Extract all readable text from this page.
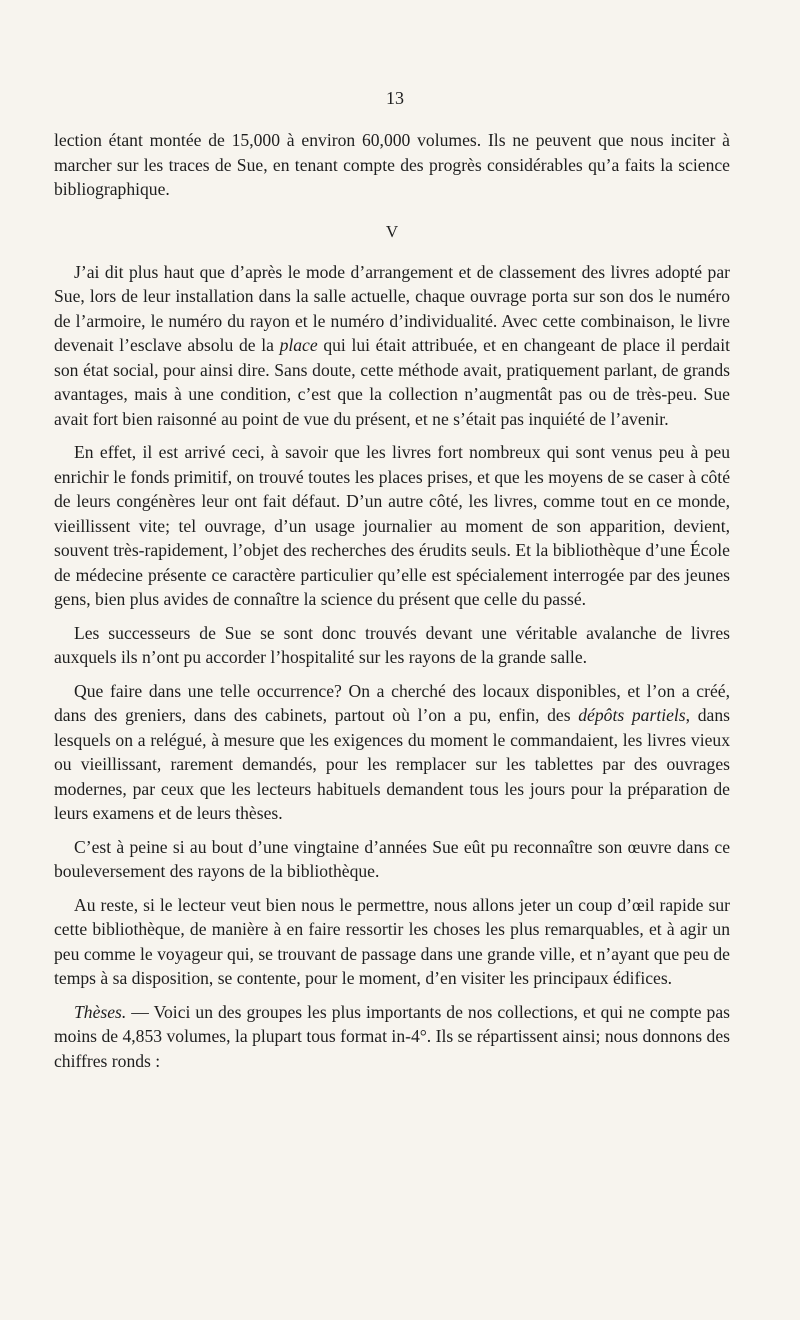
13

lection étant montée de 15,000 à environ 60,000 volumes. Ils ne peuvent que nous inciter à marcher sur les traces de Sue, en tenant compte des progrès considérables qu’a faits la science bibliographique.

V

J’ai dit plus haut que d’après le mode d’arrangement et de classement des livres adopté par Sue, lors de leur installation dans la salle actuelle, chaque ouvrage porta sur son dos le numéro de l’armoire, le numéro du rayon et le numéro d’individualité. Avec cette combinaison, le livre devenait l’esclave absolu de la place qui lui était attribuée, et en changeant de place il perdait son état social, pour ainsi dire. Sans doute, cette méthode avait, pratiquement parlant, de grands avantages, mais à une condition, c’est que la collection n’augmentât pas ou de très-peu. Sue avait fort bien raisonné au point de vue du présent, et ne s’était pas inquiété de l’avenir.

En effet, il est arrivé ceci, à savoir que les livres fort nombreux qui sont venus peu à peu enrichir le fonds primitif, on trouvé toutes les places prises, et que les moyens de se caser à côté de leurs congénères leur ont fait défaut. D’un autre côté, les livres, comme tout en ce monde, vieillissent vite; tel ouvrage, d’un usage journalier au moment de son apparition, devient, souvent très-rapidement, l’objet des recherches des érudits seuls. Et la bibliothèque d’une École de médecine présente ce caractère particulier qu’elle est spécialement interrogée par des jeunes gens, bien plus avides de connaître la science du présent que celle du passé.

Les successeurs de Sue se sont donc trouvés devant une véritable avalanche de livres auxquels ils n’ont pu accorder l’hospitalité sur les rayons de la grande salle.

Que faire dans une telle occurrence? On a cherché des locaux disponibles, et l’on a créé, dans des greniers, dans des cabinets, partout où l’on a pu, enfin, des dépôts partiels, dans lesquels on a relégué, à mesure que les exigences du moment le commandaient, les livres vieux ou vieillissant, rarement demandés, pour les remplacer sur les tablettes par des ouvrages modernes, par ceux que les lecteurs habituels demandent tous les jours pour la préparation de leurs examens et de leurs thèses.

C’est à peine si au bout d’une vingtaine d’années Sue eût pu reconnaître son œuvre dans ce bouleversement des rayons de la bibliothèque.

Au reste, si le lecteur veut bien nous le permettre, nous allons jeter un coup d’œil rapide sur cette bibliothèque, de manière à en faire ressortir les choses les plus remarquables, et à agir un peu comme le voyageur qui, se trouvant de passage dans une grande ville, et n’ayant que peu de temps à sa disposition, se contente, pour le moment, d’en visiter les principaux édifices.

Thèses. — Voici un des groupes les plus importants de nos collections, et qui ne compte pas moins de 4,853 volumes, la plupart tous format in-4°. Ils se répartissent ainsi; nous donnons des chiffres ronds :
